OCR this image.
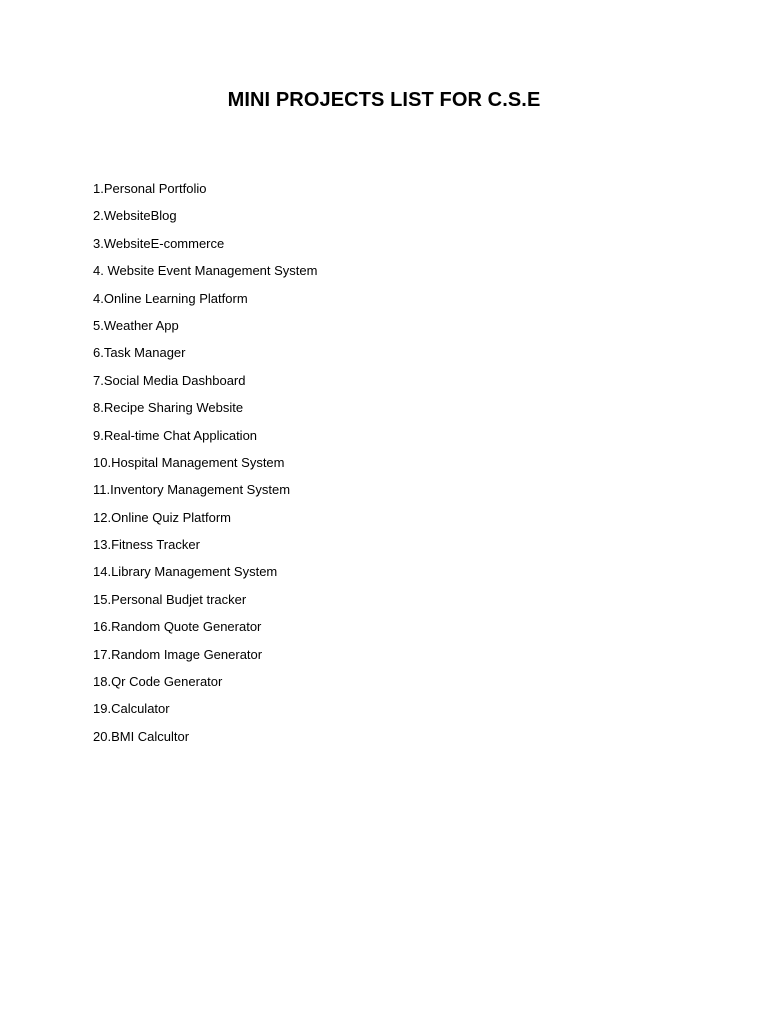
MINI PROJECTS LIST FOR C.S.E
1.Personal Portfolio
2.WebsiteBlog
3.WebsiteE-commerce
4. Website Event Management System
4.Online Learning Platform
5.Weather App
6.Task Manager
7.Social Media Dashboard
8.Recipe Sharing Website
9.Real-time Chat Application
10.Hospital Management System
11.Inventory Management System
12.Online Quiz Platform
13.Fitness Tracker
14.Library Management System
15.Personal Budjet tracker
16.Random Quote Generator
17.Random Image Generator
18.Qr Code Generator
19.Calculator
20.BMI Calcultor
